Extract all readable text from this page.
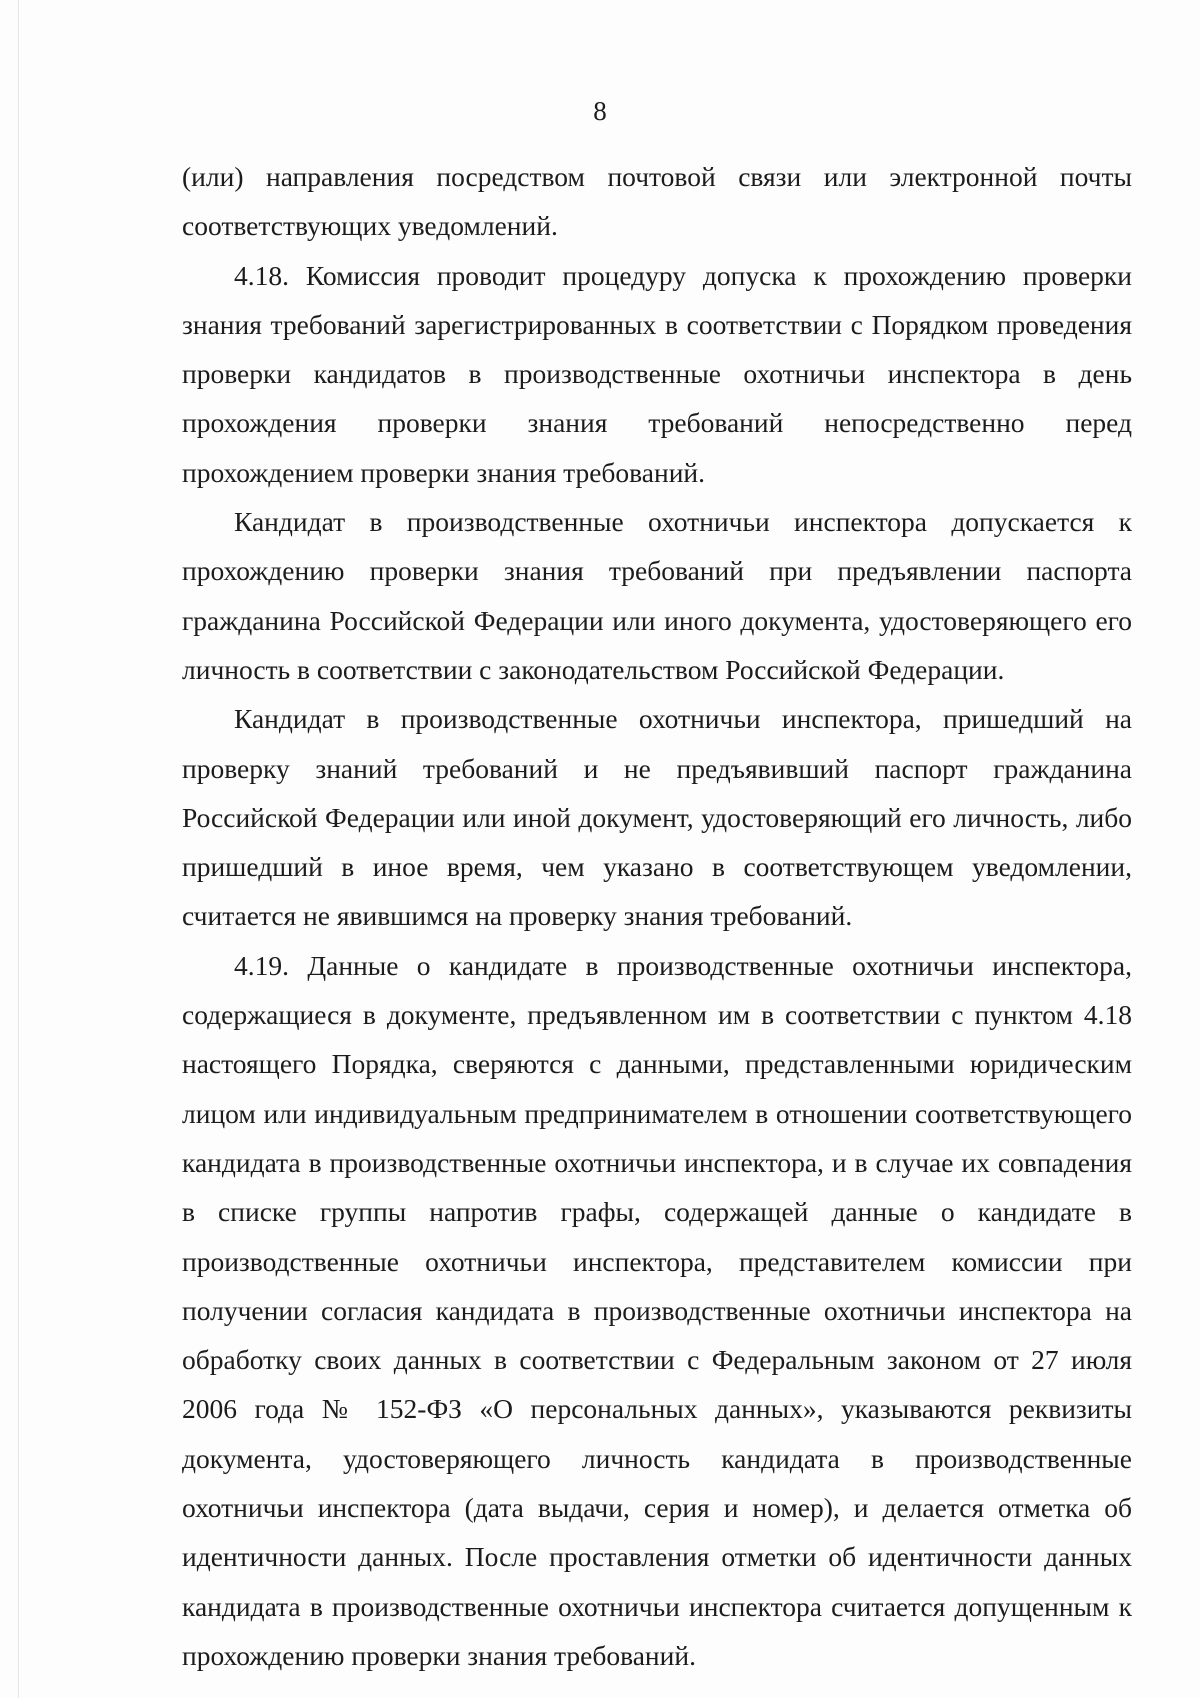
8

(или) направления посредством почтовой связи или электронной почты соответствующих уведомлений.

4.18. Комиссия проводит процедуру допуска к прохождению проверки знания требований зарегистрированных в соответствии с Порядком проведения проверки кандидатов в производственные охотничьи инспектора в день прохождения проверки знания требований непосредственно перед прохождением проверки знания требований.

Кандидат в производственные охотничьи инспектора допускается к прохождению проверки знания требований при предъявлении паспорта гражданина Российской Федерации или иного документа, удостоверяющего его личность в соответствии с законодательством Российской Федерации.

Кандидат в производственные охотничьи инспектора, пришедший на проверку знаний требований и не предъявивший паспорт гражданина Российской Федерации или иной документ, удостоверяющий его личность, либо пришедший в иное время, чем указано в соответствующем уведомлении, считается не явившимся на проверку знания требований.

4.19. Данные о кандидате в производственные охотничьи инспектора, содержащиеся в документе, предъявленном им в соответствии с пунктом 4.18 настоящего Порядка, сверяются с данными, представленными юридическим лицом или индивидуальным предпринимателем в отношении соответствующего кандидата в производственные охотничьи инспектора, и в случае их совпадения в списке группы напротив графы, содержащей данные о кандидате в производственные охотничьи инспектора, представителем комиссии при получении согласия кандидата в производственные охотничьи инспектора на обработку своих данных в соответствии с Федеральным законом от 27 июля 2006 года № 152-ФЗ «О персональных данных», указываются реквизиты документа, удостоверяющего личность кандидата в производственные охотничьи инспектора (дата выдачи, серия и номер), и делается отметка об идентичности данных. После проставления отметки об идентичности данных кандидата в производственные охотничьи инспектора считается допущенным к прохождению проверки знания требований.
